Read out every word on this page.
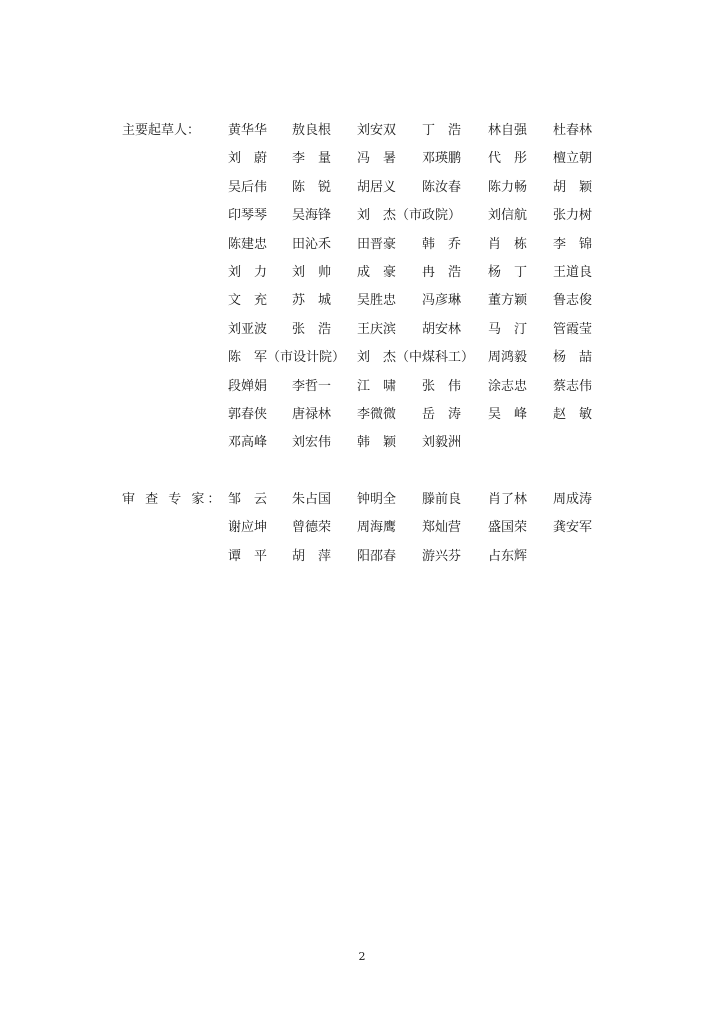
主要起草人：	黄华华 敖良根 刘安双 丁　浩 林自强 杜春林
刘　蔚 李　量 冯　暑 邓瑛鹏 代　彤 檀立朝
吴后伟 陈　锐 胡居义 陈汝春 陈力畅 胡　颖
印琴琴 吴海锋 刘　杰（市政院） 刘信航 张力树
陈建忠 田沁禾 田晋豪 韩　乔 肖　栋 李　锦
刘　力 刘　帅 成　豪 冉　浩 杨　丁 王道良
文　充 苏　城 吴胜忠 冯彦琳 董方颖 鲁志俊
刘亚波 张　浩 王庆滨 胡安林 马　汀 管霞莹
陈　军（市设计院） 刘　杰（中煤科工） 周鸿毅 杨　喆
段婵娟 李哲一 江　啸 张　伟 涂志忠 蔡志伟
郭春侠 唐禄林 李微微 岳　涛 吴　峰 赵　敏
邓高峰 刘宏伟 韩　颖 刘毅洲
审 查 专 家： 邹　云 朱占国 钟明全 滕前良 肖了林 周成涛
谢应坤 曾德荣 周海鹰 郑灿营 盛国荣 龚安军
谭　平 胡　萍 阳邵春 游兴芬 占东辉
2
